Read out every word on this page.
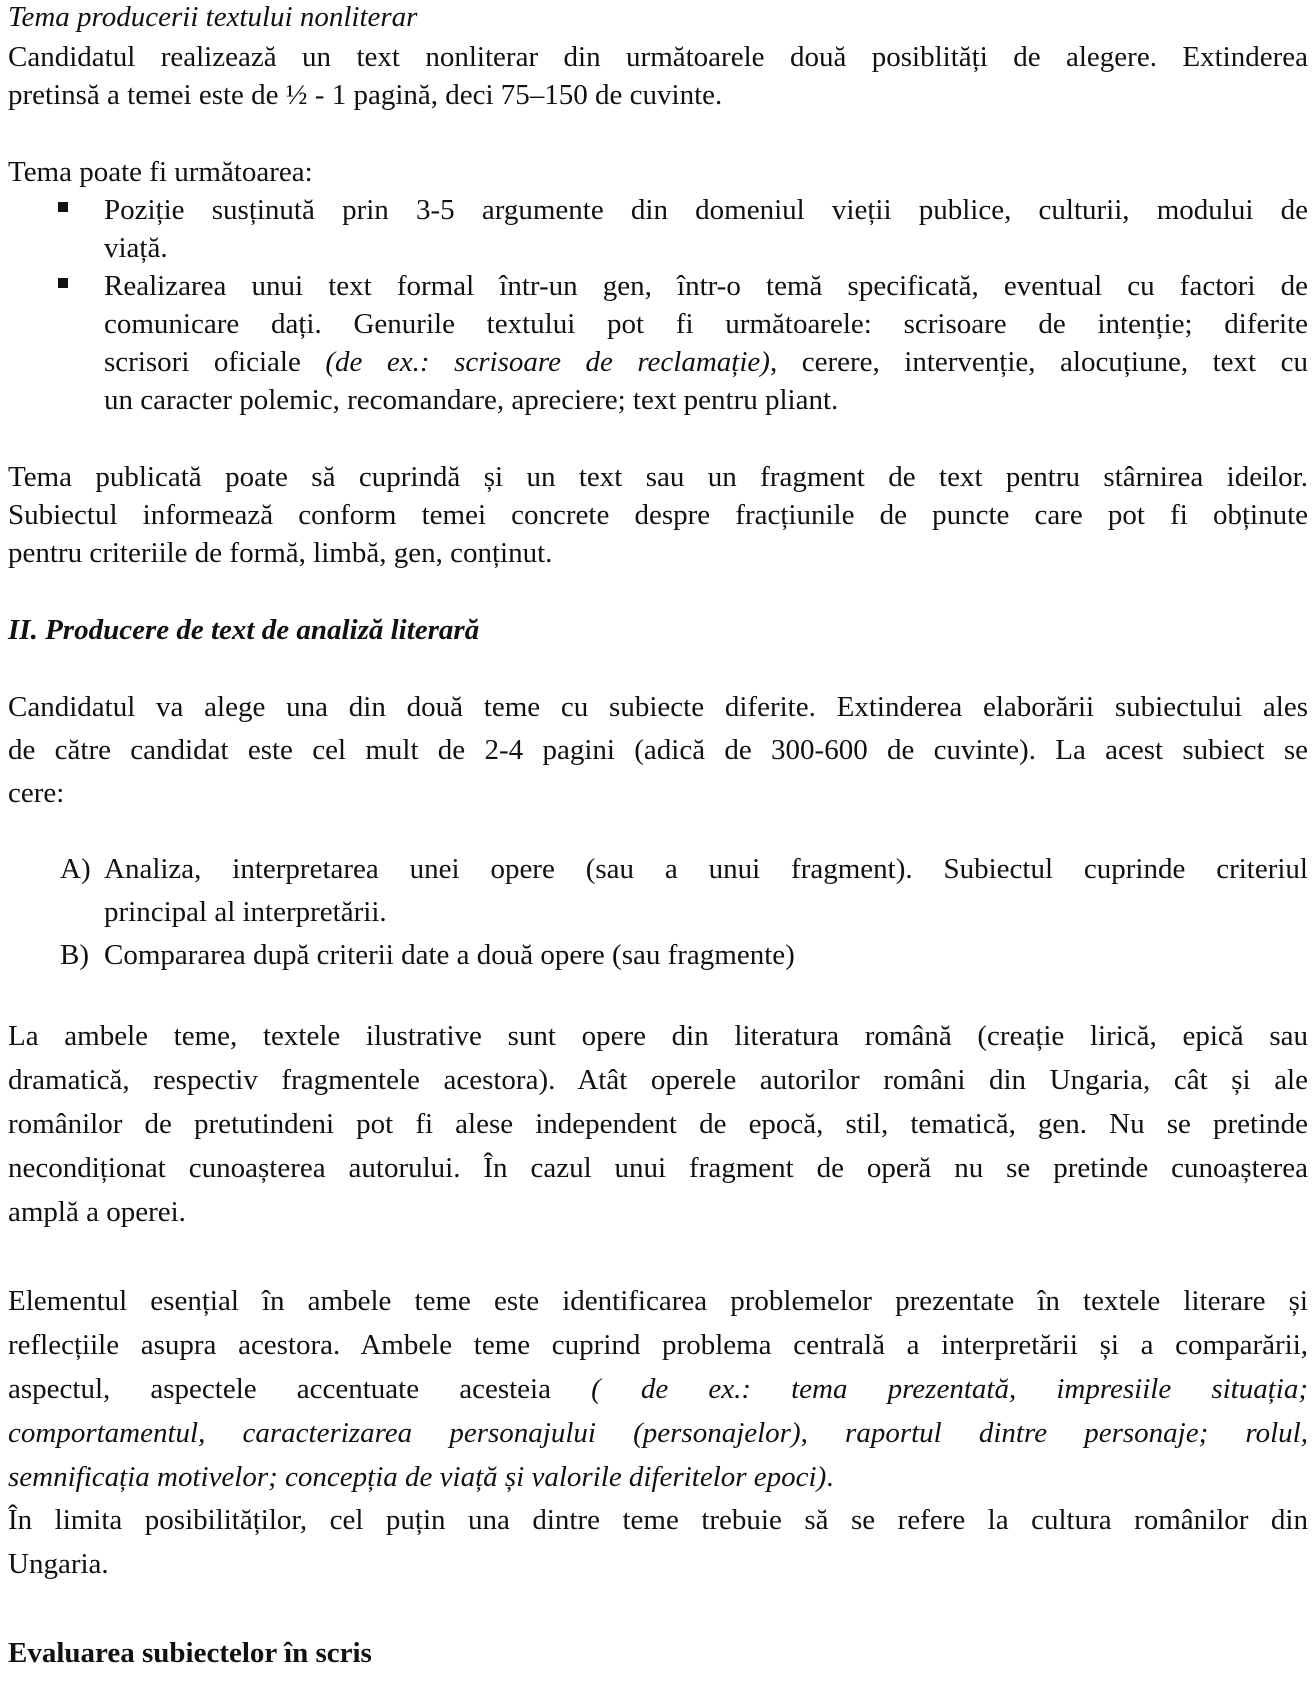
Tema producerii textului nonliterar
Candidatul realizează un text nonliterar din următoarele două posiblități de alegere. Extinderea
pretinsă a temei este de ½ - 1 pagină, deci 75–150 de cuvinte.
Tema poate fi următoarea:
Poziție susținută prin 3-5 argumente din domeniul vieții publice, culturii, modului de
viață.
Realizarea unui text formal într-un gen, într-o temă specificată, eventual cu factori de
comunicare dați. Genurile textului pot fi următoarele: scrisoare de intenție; diferite
scrisori oficiale (de ex.: scrisoare de reclamație), cerere, intervenție, alocuțiune, text cu
un caracter polemic, recomandare, apreciere; text pentru pliant.
Tema publicată poate să cuprindă și un text sau un fragment de text pentru stârnirea ideilor.
Subiectul informează conform temei concrete despre fracțiunile de puncte care pot fi obținute
pentru criteriile de formă, limbă, gen, conținut.
II. Producere de text de analiză literară
Candidatul va alege una din două teme cu subiecte diferite. Extinderea elaborării subiectului ales
de către candidat este cel mult de 2-4 pagini (adică de 300-600 de cuvinte). La acest subiect se
cere:
A) Analiza, interpretarea unei opere (sau a unui fragment). Subiectul cuprinde criteriul
principal al interpretării.
B) Compararea după criterii date a două opere (sau fragmente)
La ambele teme, textele ilustrative sunt opere din literatura română (creație lirică, epică sau
dramatică, respectiv fragmentele acestora). Atât operele autorilor români din Ungaria, cât și ale
românilor de pretutindeni pot fi alese independent de epocă, stil, tematică, gen. Nu se pretinde
necondiționat cunoașterea autorului. În cazul unui fragment de operă nu se pretinde cunoașterea
amplă a operei.
Elementul esențial în ambele teme este identificarea problemelor prezentate în textele literare și
reflecțiile asupra acestora. Ambele teme cuprind problema centrală a interpretării și a comparării,
aspectul, aspectele accentuate acesteia ( de ex.: tema prezentată, impresiile situația;
comportamentul, caracterizarea personajului (personajelor), raportul dintre personaje; rolul,
semnificația motivelor; concepția de viață și valorile diferitelor epoci).
În limita posibilităților, cel puțin una dintre teme trebuie să se refere la cultura românilor din
Ungaria.
Evaluarea subiectelor în scris
